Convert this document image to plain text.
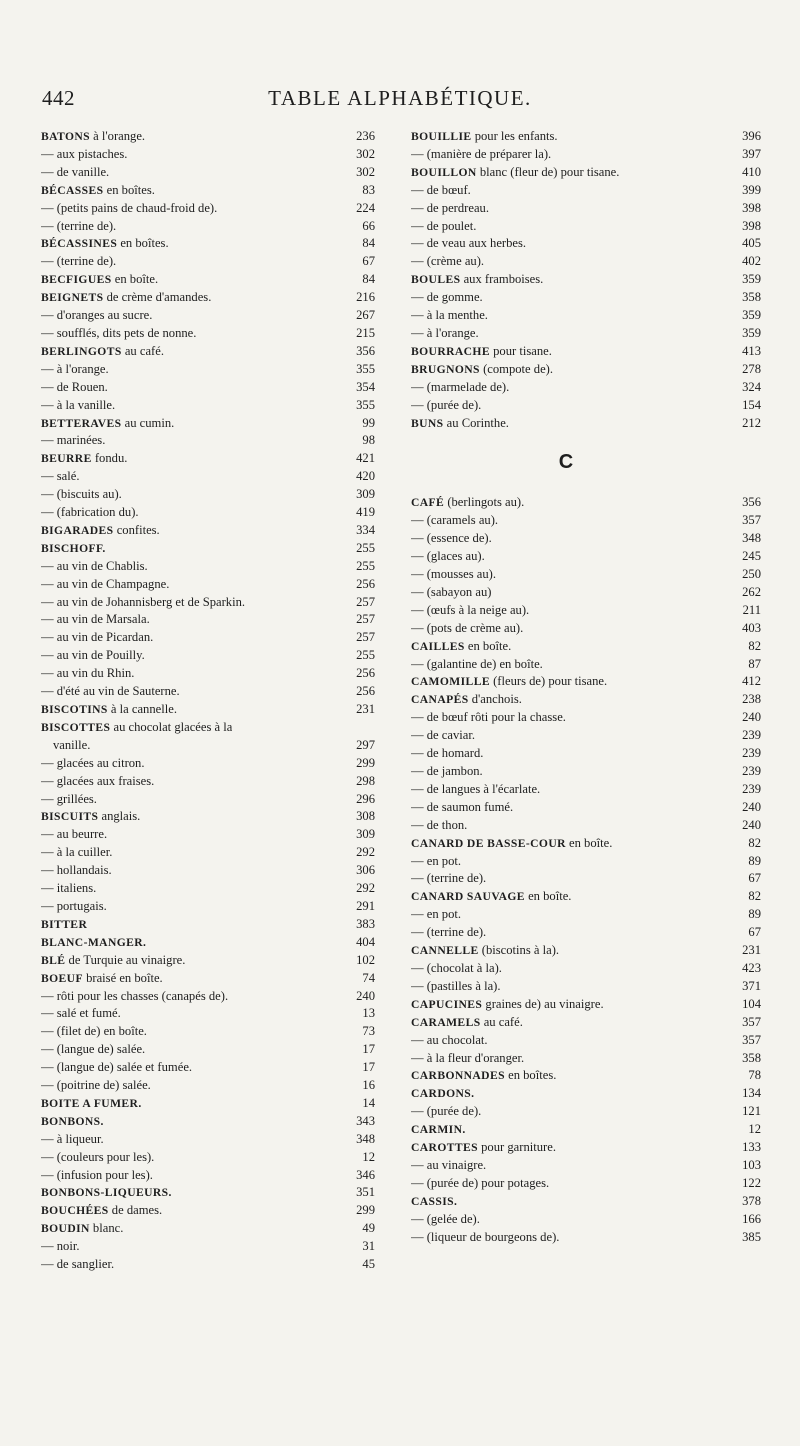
442	TABLE ALPHABÉTIQUE.
BATONS à l'orange.	236
— aux pistaches.	302
— de vanille.	302
BÉCASSES en boîtes.	83
— (petits pains de chaud-froid de).	224
— (terrine de).	66
BÉCASSINES en boîtes.	84
— (terrine de).	67
BECFIGUES en boîte.	84
BEIGNETS de crème d'amandes.	216
— d'oranges au sucre.	267
— soufflés, dits pets de nonne.	215
BERLINGOTS au café.	356
— à l'orange.	355
— de Rouen.	354
— à la vanille.	355
BETTERAVES au cumin.	99
— marinées.	98
BEURRE fondu.	421
— salé.	420
— (biscuits au).	309
— (fabrication du).	419
BIGARADES confites.	334
BISCHOFF.	255
— au vin de Chablis.	255
— au vin de Champagne.	256
— au vin de Johannisberg et de Sparkin.	257
— au vin de Marsala.	257
— au vin de Picardan.	257
— au vin de Pouilly.	255
— au vin du Rhin.	256
— d'été au vin de Sauterne.	256
BISCOTINS à la cannelle.	231
BISCOTTES au chocolat glacées à la
vanille.	297
— glacées au citron.	299
— glacées aux fraises.	298
— grillées.	296
BISCUITS anglais.	308
— au beurre.	309
— à la cuiller.	292
— hollandais.	306
— italiens.	292
— portugais.	291
BITTER	383
BLANC-MANGER.	404
BLÉ de Turquie au vinaigre.	102
BOEUF braisé en boîte.	74
— rôti pour les chasses (canapés de).	240
— salé et fumé.	13
— (filet de) en boîte.	73
— (langue de) salée.	17
— (langue de) salée et fumée.	17
— (poitrine de) salée.	16
BOITE A FUMER.	14
BONBONS.	343
— à liqueur.	348
— (couleurs pour les).	12
— (infusion pour les).	346
BONBONS-LIQUEURS.	351
BOUCHÉES de dames.	299
BOUDIN blanc.	49
— noir.	31
— de sanglier.	45
BOUILLIE pour les enfants.	396
— (manière de préparer la).	397
BOUILLON blanc (fleur de) pour tisane.	410
— de bœuf.	399
— de perdreau.	398
— de poulet.	398
— de veau aux herbes.	405
— (crème au).	402
BOULES aux framboises.	359
— de gomme.	358
— à la menthe.	359
— à l'orange.	359
BOURRACHE pour tisane.	413
BRUGNONS (compote de).	278
— (marmelade de).	324
— (purée de).	154
BUNS au Corinthe.	212
C
CAFÉ (berlingots au).	356
— (caramels au).	357
— (essence de).	348
— (glaces au).	245
— (mousses au).	250
— (sabayon au)	262
— (œufs à la neige au).	211
— (pots de crème au).	403
CAILLES en boîte.	82
— (galantine de) en boîte.	87
CAMOMILLE (fleurs de) pour tisane.	412
CANAPÉS d'anchois.	238
— de bœuf rôti pour la chasse.	240
— de caviar.	239
— de homard.	239
— de jambon.	239
— de langues à l'écarlate.	239
— de saumon fumé.	240
— de thon.	240
CANARD DE BASSE-COUR en boîte.	82
— en pot.	89
— (terrine de).	67
CANARD SAUVAGE en boîte.	82
— en pot.	89
— (terrine de).	67
CANNELLE (biscotins à la).	231
— (chocolat à la).	423
— (pastilles à la).	371
CAPUCINES graines de) au vinaigre.	104
CARAMELS au café.	357
— au chocolat.	357
— à la fleur d'oranger.	358
CARBONNADES en boîtes.	78
CARDONS.	134
— (purée de).	121
CARMIN.	12
CAROTTES pour garniture.	133
— au vinaigre.	103
— (purée de) pour potages.	122
CASSIS.	378
— (gelée de).	166
— (liqueur de bourgeons de).	385
